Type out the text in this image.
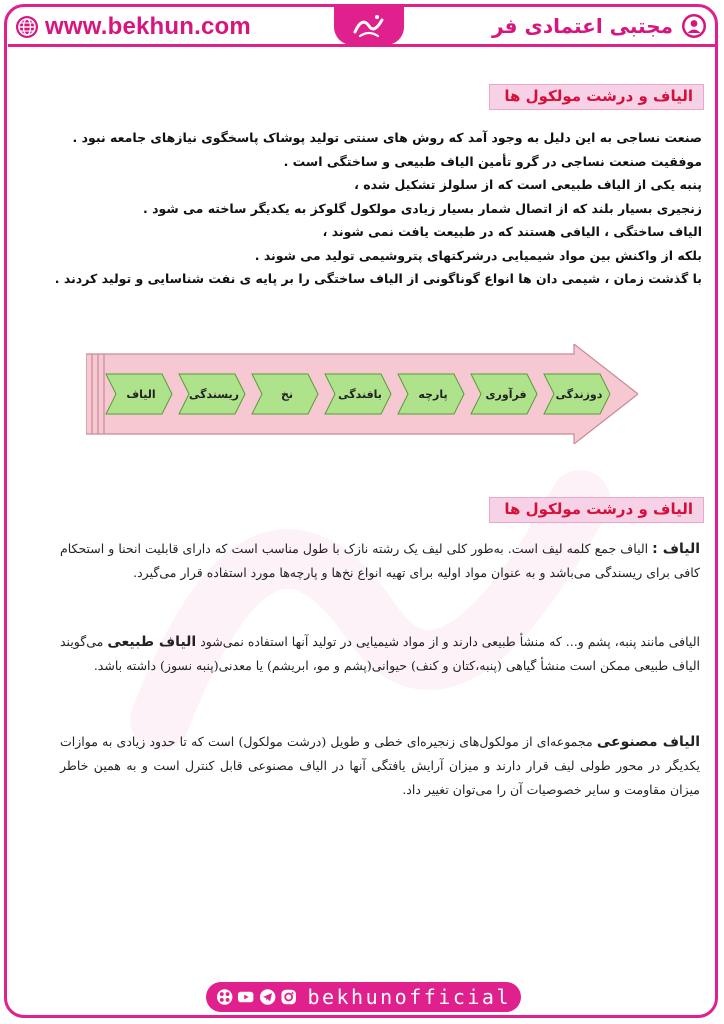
www.bekhun.com	مجتبی اعتمادی فر
الیاف و درشت مولکول ها

صنعت نساجی به این دلیل به وجود آمد که روش های سنتی تولید پوشاک پاسخگوی نیازهای جامعه نبود .

موفقیت صنعت نساجی در گرو تأمین الیاف طبیعی و ساختگی است .

پنبه یکی از الیاف طبیعی است که از سلولز تشکیل شده ،

زنجیری بسیار بلند که از اتصال شمار بسیار زیادی مولکول گلوکز به یکدیگر ساخته می شود .

الیاف ساختگی ، الیافی هستند که در طبیعت یافت نمی شوند ،

بلکه از واکنش بین مواد شیمیایی درشرکتهای پتروشیمی تولید می شوند .

با گذشت زمان ، شیمی دان ها انواع گوناگونی از الیاف ساختگی را بر پایه ی نفت شناسایی و تولید کردند .

دوزندگی
فرآوری
پارچه
بافندگی
نخ
ریسندگی
الیاف
الیاف و درشت مولکول ها
الیاف : الیاف جمع کلمه لیف است. به‌طور کلی لیف یک رشته نازک با طول مناسب است که دارای قابلیت انحنا و استحکام کافی برای ریسندگی می‌باشد و به عنوان مواد اولیه برای تهیه انواع نخ‌ها و پارچه‌ها مورد استفاده قرار می‌گیرد.
الیافی مانند پنبه، پشم و... که منشأ طبیعی دارند و از مواد شیمیایی در تولید آنها استفاده نمی‌شود الیاف طبیعی می‌گویند الیاف طبیعی ممکن است منشأ گیاهی (پنبه،کتان و کنف) حیوانی(پشم و مو، ابریشم) یا معدنی(پنبه نسوز) داشته باشد.
الیاف مصنوعی مجموعه‌ای از مولکول‌های زنجیره‌ای خطی و طویل (درشت مولکول) است که تا حدود زیادی به موازات یکدیگر در محور طولی لیف قرار دارند و میزان آرایش یافتگی آنها در الیاف مصنوعی قابل کنترل است و به همین خاطر میزان مقاومت و سایر خصوصیات آن را می‌توان تغییر داد.
bekhunofficial
